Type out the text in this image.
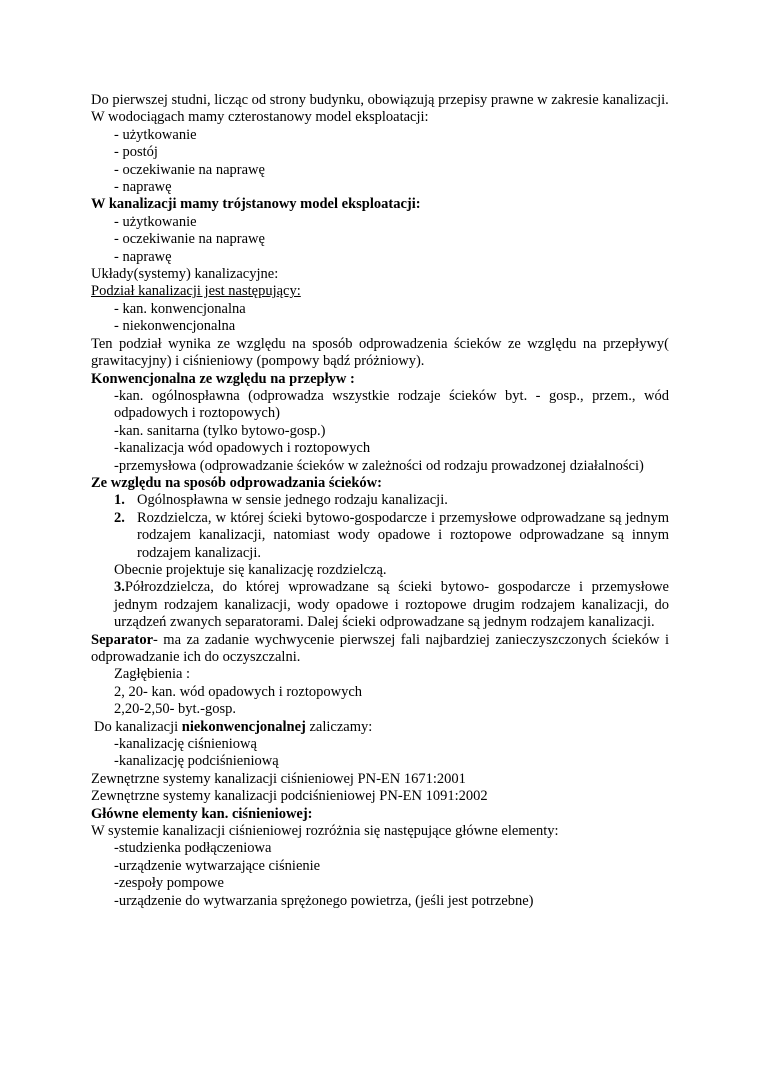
Do pierwszej studni, licząc od strony budynku, obowiązują przepisy prawne w zakresie kanalizacji.

W wodociągach mamy czterostanowy model eksploatacji:

- użytkowanie

- postój

- oczekiwanie na naprawę

- naprawę

W kanalizacji mamy trójstanowy model eksploatacji:

- użytkowanie

- oczekiwanie na naprawę

- naprawę

Układy(systemy) kanalizacyjne:

Podział kanalizacji jest następujący:

- kan. konwencjonalna

- niekonwencjonalna

Ten podział wynika ze względu na sposób odprowadzenia ścieków ze względu na przepływy( grawitacyjny) i ciśnieniowy (pompowy bądź próżniowy).

Konwencjonalna ze względu na przepływ :

-kan. ogólnospławna (odprowadza wszystkie rodzaje ścieków byt. - gosp., przem., wód odpadowych i roztopowych)

-kan. sanitarna (tylko bytowo-gosp.)

-kanalizacja wód opadowych i roztopowych

-przemysłowa (odprowadzanie ścieków w zależności od rodzaju prowadzonej działalności)

Ze względu na sposób odprowadzania ścieków:

1. Ogólnospławna w sensie jednego rodzaju kanalizacji.

2. Rozdzielcza, w której ścieki bytowo-gospodarcze i przemysłowe odprowadzane są jednym rodzajem kanalizacji, natomiast wody opadowe i roztopowe odprowadzane są innym rodzajem kanalizacji.

Obecnie projektuje się kanalizację rozdzielczą.

3.Półrozdzielcza, do której wprowadzane są ścieki bytowo- gospodarcze i przemysłowe jednym rodzajem kanalizacji, wody opadowe i roztopowe drugim rodzajem kanalizacji, do urządzeń zwanych separatorami. Dalej ścieki odprowadzane są jednym rodzajem kanalizacji.

Separator- ma za zadanie wychwycenie pierwszej fali najbardziej zanieczyszczonych ścieków i odprowadzanie ich do oczyszczalni.

Zagłębienia :

2, 20- kan. wód opadowych i roztopowych

2,20-2,50- byt.-gosp.

Do kanalizacji niekonwencjonalnej zaliczamy:

-kanalizację ciśnieniową

-kanalizację podciśnieniową

Zewnętrzne systemy kanalizacji ciśnieniowej PN-EN 1671:2001

Zewnętrzne systemy kanalizacji podciśnieniowej PN-EN 1091:2002

Główne elementy kan. ciśnieniowej:

W systemie kanalizacji ciśnieniowej rozróżnia się następujące główne elementy:

-studzienka podłączeniowa

-urządzenie wytwarzające ciśnienie

-zespoły pompowe

-urządzenie do wytwarzania sprężonego powietrza, (jeśli jest potrzebne)
